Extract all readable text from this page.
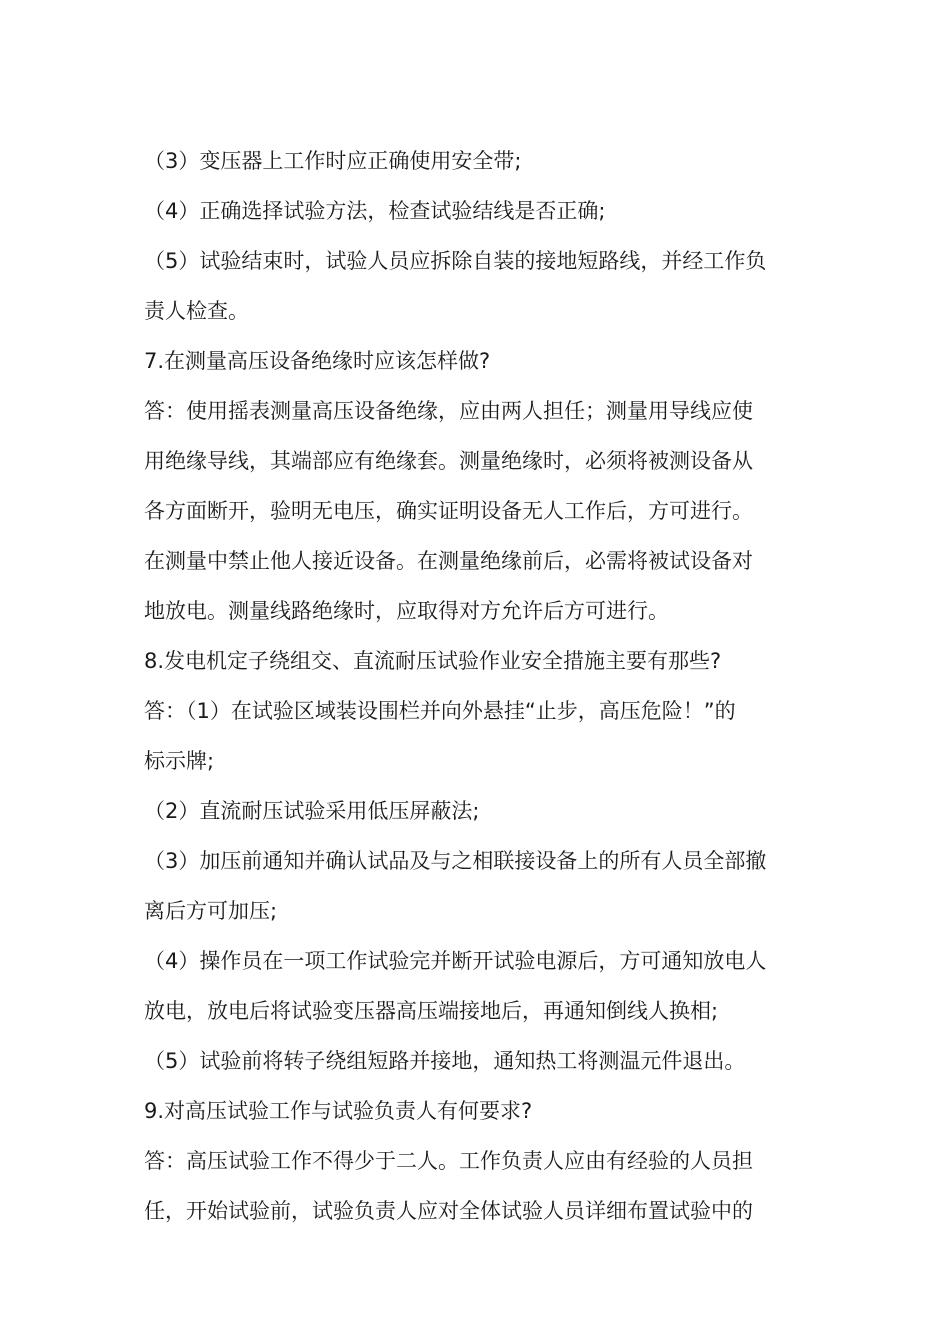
（3）变压器上工作时应正确使用安全带;
（4）正确选择试验方法，检查试验结线是否正确;
（5）试验结束时，试验人员应拆除自装的接地短路线，并经工作负
责人检查。
7.在测量高压设备绝缘时应该怎样做?
答：使用摇表测量高压设备绝缘，应由两人担任；测量用导线应使
用绝缘导线，其端部应有绝缘套。测量绝缘时，必须将被测设备从
各方面断开，验明无电压，确实证明设备无人工作后，方可进行。
在测量中禁止他人接近设备。在测量绝缘前后，必需将被试设备对
地放电。测量线路绝缘时，应取得对方允许后方可进行。
8.发电机定子绕组交、直流耐压试验作业安全措施主要有那些?
答：（1）在试验区域装设围栏并向外悬挂“止步，高压危险！”的
标示牌;
（2）直流耐压试验采用低压屏蔽法;
（3）加压前通知并确认试品及与之相联接设备上的所有人员全部撤
离后方可加压;
（4）操作员在一项工作试验完并断开试验电源后，方可通知放电人
放电，放电后将试验变压器高压端接地后，再通知倒线人换相;
（5）试验前将转子绕组短路并接地，通知热工将测温元件退出。
9.对高压试验工作与试验负责人有何要求?
答：高压试验工作不得少于二人。工作负责人应由有经验的人员担
任，开始试验前，试验负责人应对全体试验人员详细布置试验中的
